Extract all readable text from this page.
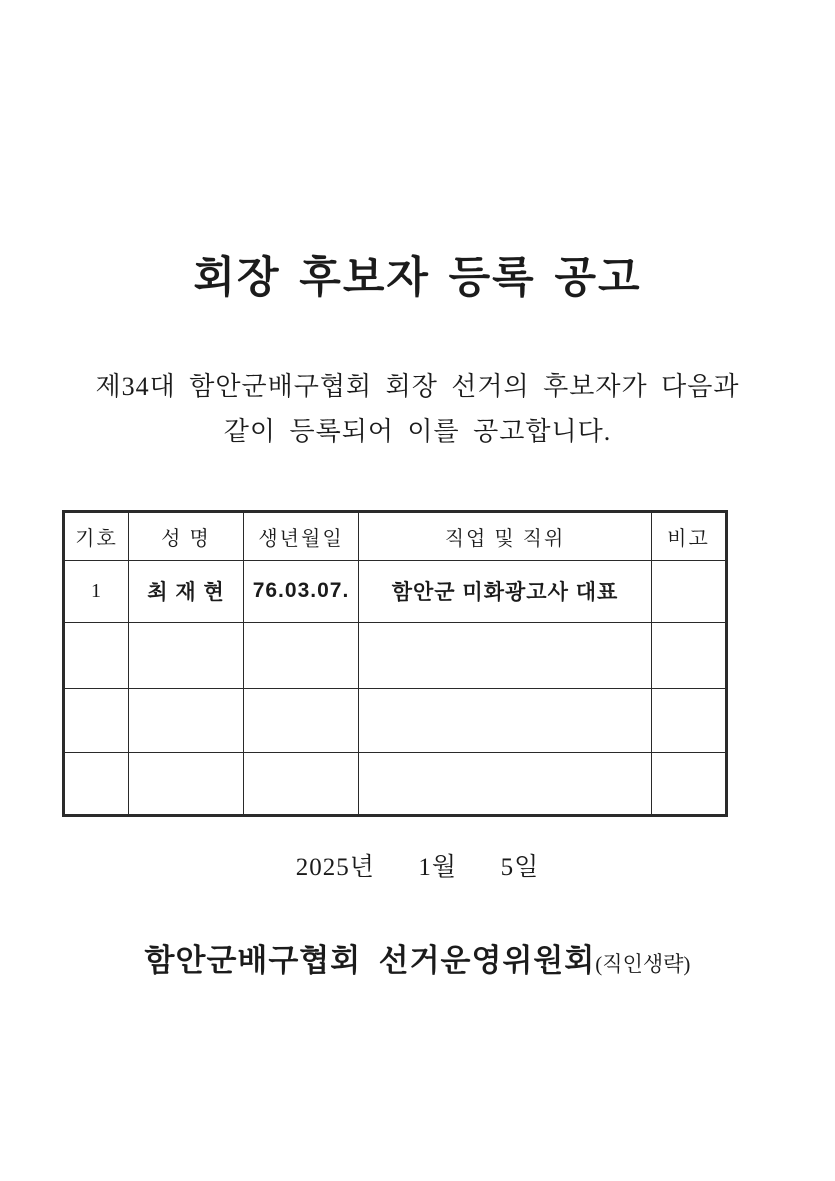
회장 후보자 등록 공고

제34대 함안군배구협회 회장 선거의 후보자가 다음과
같이 등록되어 이를 공고합니다.

기호	성 명	생년월일	직업 및 직위	비고
1	최 재 현	76.03.07.	함안군 미화광고사 대표	

2025년      1월      5일

함안군배구협회  선거운영위원회(직인생략)
